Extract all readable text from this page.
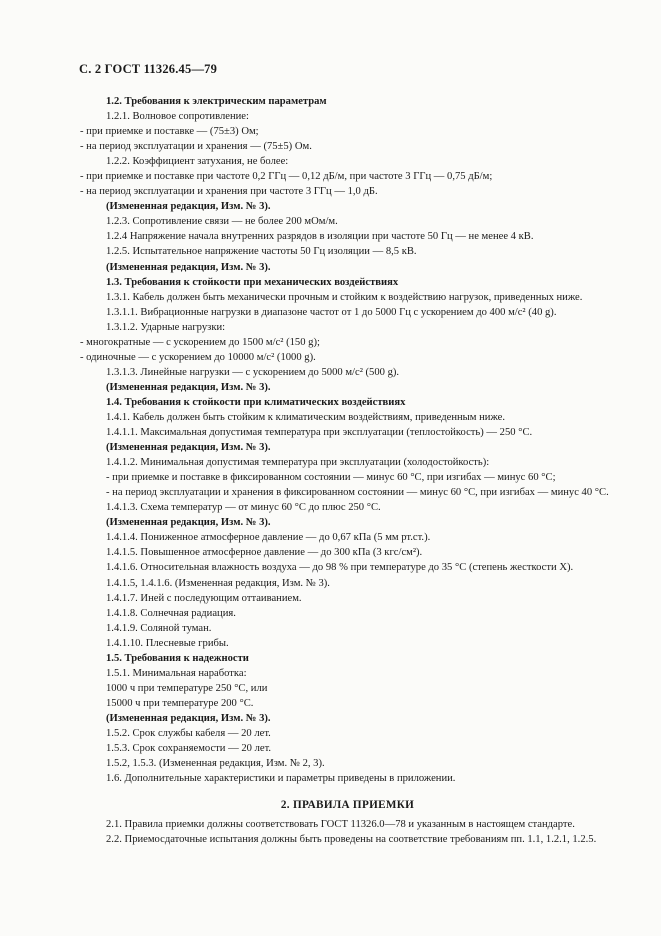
С. 2 ГОСТ 11326.45—79
1.2. Требования к электрическим параметрам
1.2.1. Волновое сопротивление:
- при приемке и поставке — (75±3) Ом;
- на период эксплуатации и хранения — (75±5) Ом.
1.2.2. Коэффициент затухания, не более:
- при приемке и поставке при частоте 0,2 ГГц — 0,12 дБ/м, при частоте 3 ГГц — 0,75 дБ/м;
- на период эксплуатации и хранения при частоте 3 ГГц — 1,0 дБ.
(Измененная редакция, Изм. № 3).
1.2.3. Сопротивление связи — не более 200 мОм/м.
1.2.4 Напряжение начала внутренних разрядов в изоляции при частоте 50 Гц — не менее 4 кВ.
1.2.5. Испытательное напряжение частоты 50 Гц изоляции — 8,5 кВ.
(Измененная редакция, Изм. № 3).
1.3. Требования к стойкости при механических воздействиях
1.3.1. Кабель должен быть механически прочным и стойким к воздействию нагрузок, приведенных ниже.
1.3.1.1. Вибрационные нагрузки в диапазоне частот от 1 до 5000 Гц с ускорением до 400 м/с² (40 g).
1.3.1.2. Ударные нагрузки:
- многократные — с ускорением до 1500 м/с² (150 g);
- одиночные — с ускорением до 10000 м/с² (1000 g).
1.3.1.3. Линейные нагрузки — с ускорением до 5000 м/с² (500 g).
(Измененная редакция, Изм. № 3).
1.4. Требования к стойкости при климатических воздействиях
1.4.1. Кабель должен быть стойким к климатическим воздействиям, приведенным ниже.
1.4.1.1. Максимальная допустимая температура при эксплуатации (теплостойкость) — 250 °С.
(Измененная редакция, Изм. № 3).
1.4.1.2. Минимальная допустимая температура при эксплуатации (холодостойкость):
- при приемке и поставке в фиксированном состоянии — минус 60 °С, при изгибах — минус 60 °С;
- на период эксплуатации и хранения в фиксированном состоянии — минус 60 °С, при изгибах — минус 40 °С.
1.4.1.3. Схема температур — от минус 60 °С до плюс 250 °С.
(Измененная редакция, Изм. № 3).
1.4.1.4. Пониженное атмосферное давление — до 0,67 кПа (5 мм рт.ст.).
1.4.1.5. Повышенное атмосферное давление — до 300 кПа (3 кгс/см²).
1.4.1.6. Относительная влажность воздуха — до 98 % при температуре до 35 °С (степень жесткости X).
1.4.1.5, 1.4.1.6. (Измененная редакция, Изм. № 3).
1.4.1.7. Иней с последующим оттаиванием.
1.4.1.8. Солнечная радиация.
1.4.1.9. Соляной туман.
1.4.1.10. Плесневые грибы.
1.5. Требования к надежности
1.5.1. Минимальная наработка:
1000 ч при температуре 250 °С, или
15000 ч при температуре 200 °С.
(Измененная редакция, Изм. № 3).
1.5.2. Срок службы кабеля — 20 лет.
1.5.3. Срок сохраняемости — 20 лет.
1.5.2, 1.5.3. (Измененная редакция, Изм. № 2, 3).
1.6. Дополнительные характеристики и параметры приведены в приложении.
2. ПРАВИЛА ПРИЕМКИ
2.1. Правила приемки должны соответствовать ГОСТ 11326.0—78 и указанным в настоящем стандарте.
2.2. Приемосдаточные испытания должны быть проведены на соответствие требованиям пп. 1.1, 1.2.1, 1.2.5.
